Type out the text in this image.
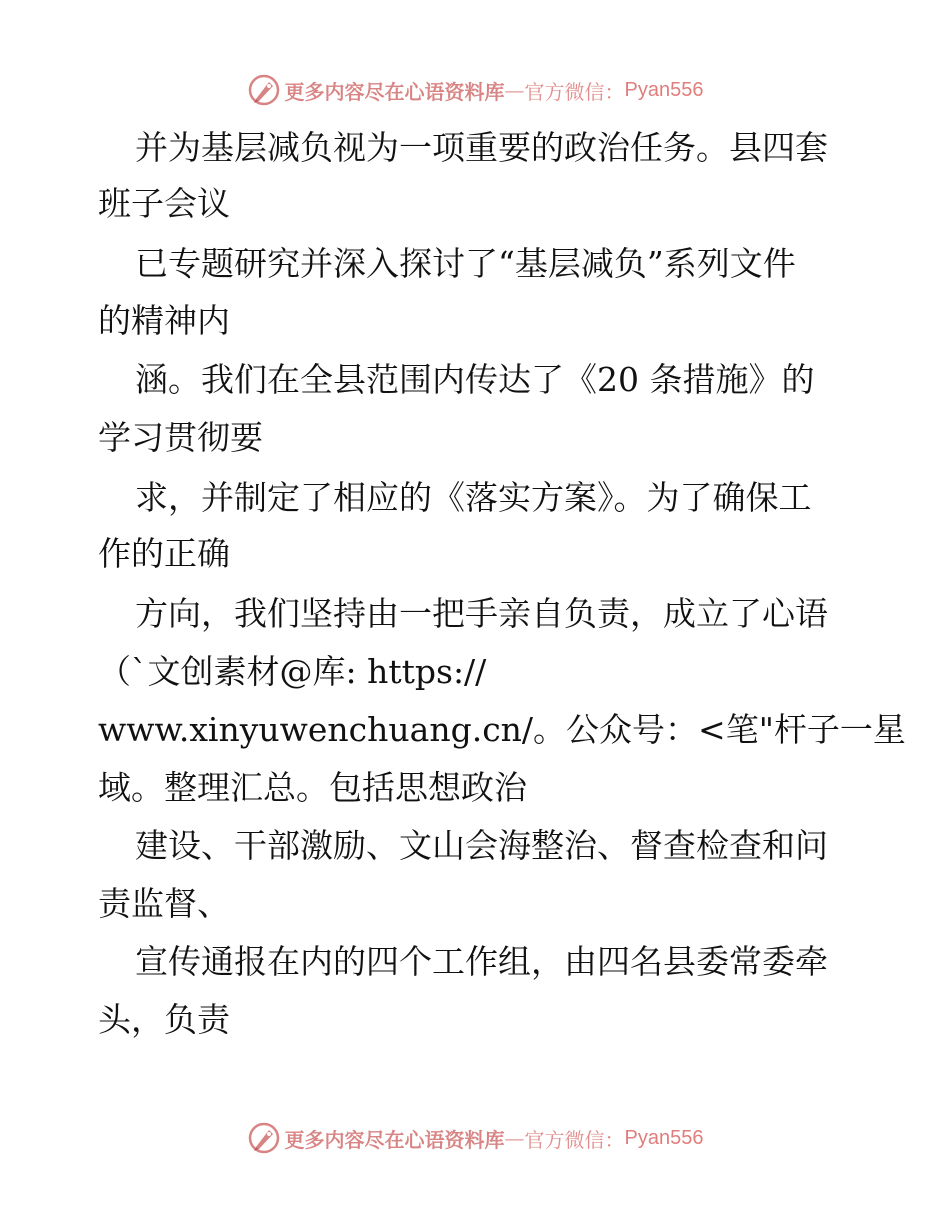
更多内容尽在心语资料库 — 官方微信： Pyan556
并为基层减负视为一项重要的政治任务。县四套
班子会议
已专题研究并深入探讨了“基层减负”系列文件
的精神内
涵。我们在全县范围内传达了《20 条措施》的
学习贯彻要
求，并制定了相应的《落实方案》。为了确保工
作的正确
方向，我们坚持由一把手亲自负责，成立了心语
（`文创素材@库: https://
www.xinyuwenchuang.cn/。公众号：<笔"杆子一星
域。整理汇总。包括思想政治
建设、干部激励、文山会海整治、督查检查和问
责监督、
宣传通报在内的四个工作组，由四名县委常委牵
头，负责
更多内容尽在心语资料库 — 官方微信： Pyan556
